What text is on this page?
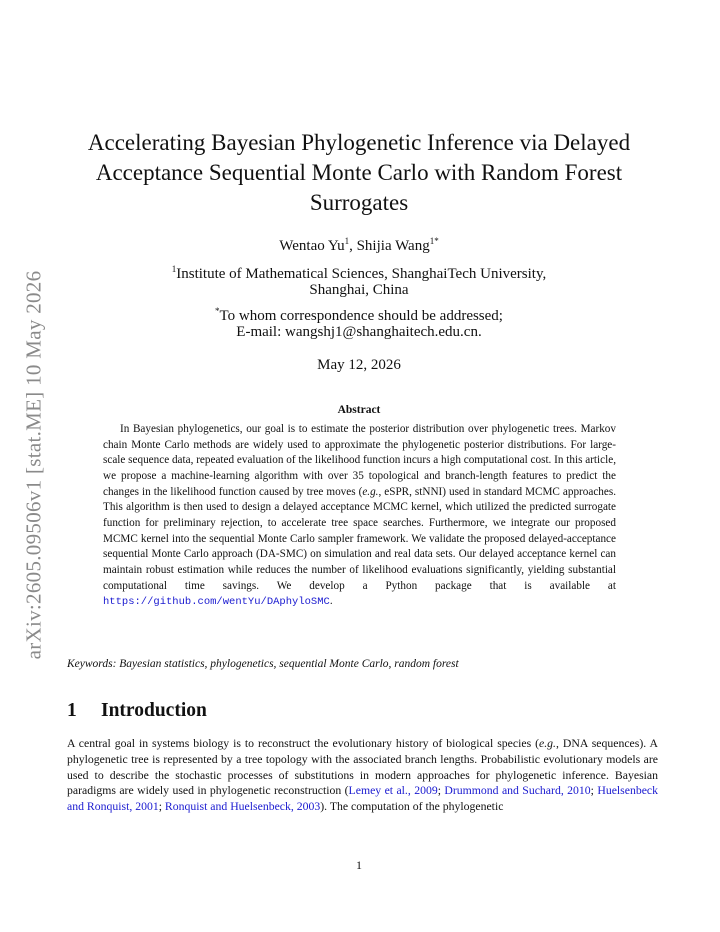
arXiv:2605.09506v1 [stat.ME] 10 May 2026
Accelerating Bayesian Phylogenetic Inference via Delayed Acceptance Sequential Monte Carlo with Random Forest Surrogates
Wentao Yu$^1$, Shijia Wang$^{1*}$
$^1$Institute of Mathematical Sciences, ShanghaiTech University,
Shanghai, China
*To whom correspondence should be addressed;
E-mail: wangshj1@shanghaitech.edu.cn.
May 12, 2026
Abstract

In Bayesian phylogenetics, our goal is to estimate the posterior distribution over phylogenetic trees. Markov chain Monte Carlo methods are widely used to approximate the phylogenetic posterior distributions. For large-scale sequence data, repeated evaluation of the likelihood function incurs a high computational cost. In this article, we propose a machine-learning algorithm with over 35 topological and branch-length features to predict the changes in the likelihood function caused by tree moves (e.g., eSPR, stNNI) used in standard MCMC approaches. This algorithm is then used to design a delayed acceptance MCMC kernel, which utilized the predicted surrogate function for preliminary rejection, to accelerate tree space searches. Furthermore, we integrate our proposed MCMC kernel into the sequential Monte Carlo sampler framework. We validate the proposed delayed-acceptance sequential Monte Carlo approach (DA-SMC) on simulation and real data sets. Our delayed acceptance kernel can maintain robust estimation while reduces the number of likelihood evaluations significantly, yielding substantial computational time savings. We develop a Python package that is available at https://github.com/wentYu/DAphyloSMC.

Keywords: Bayesian statistics, phylogenetics, sequential Monte Carlo, random forest
1 Introduction

A central goal in systems biology is to reconstruct the evolutionary history of biological species (e.g., DNA sequences). A phylogenetic tree is represented by a tree topology with the associated branch lengths. Probabilistic evolutionary models are used to describe the stochastic processes of substitutions in modern approaches for phylogenetic inference. Bayesian paradigms are widely used in phylogenetic reconstruction (Lemey et al., 2009; Drummond and Suchard, 2010; Huelsenbeck and Ronquist, 2001; Ronquist and Huelsenbeck, 2003). The computation of the phylogenetic

1
